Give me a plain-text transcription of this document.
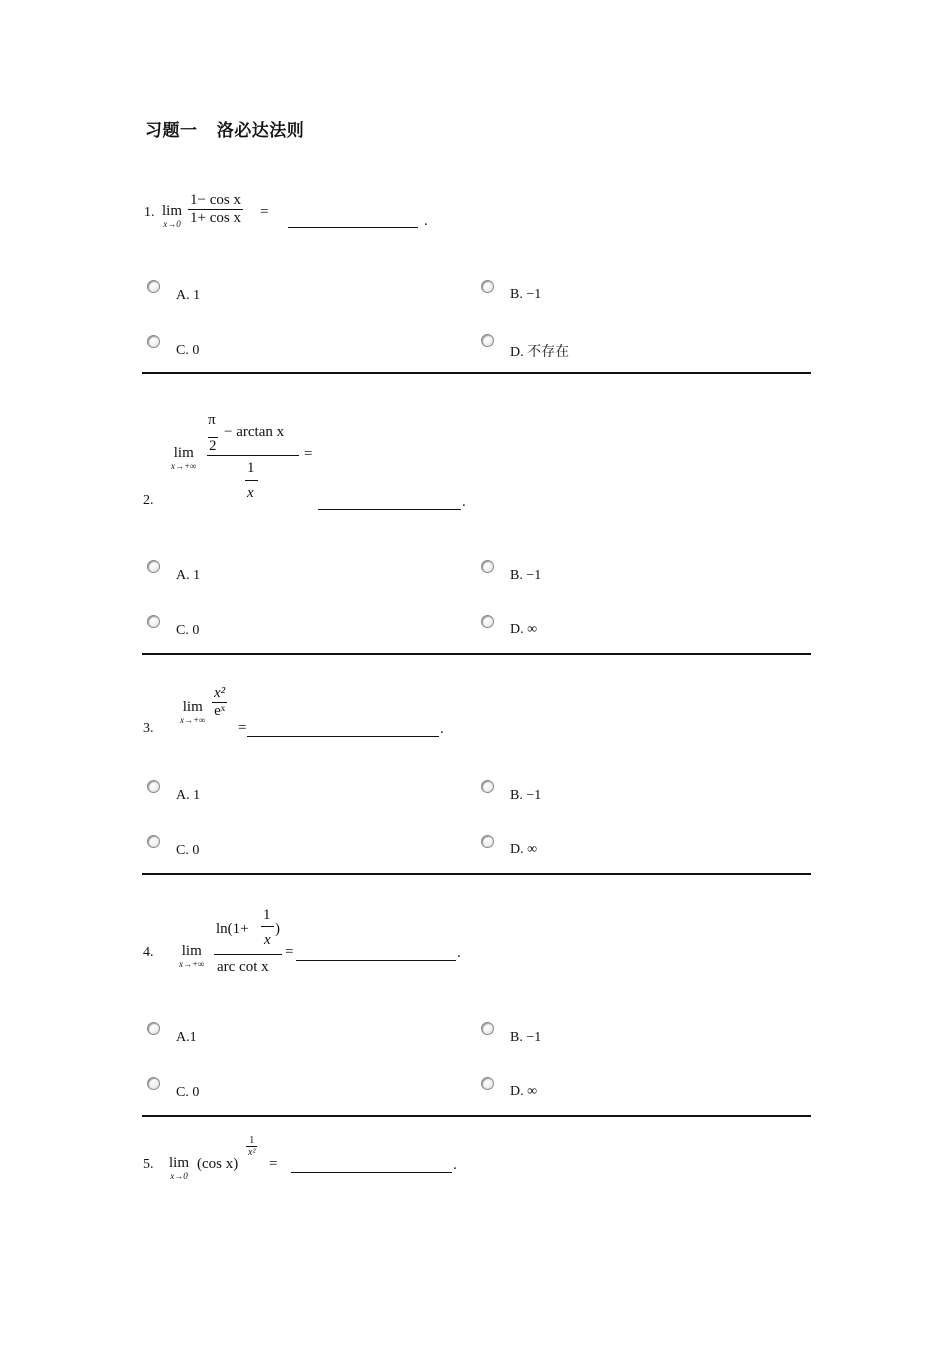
习题一   洛必达法则
1. lim
$x\to 0 \frac{\text{1− cos x}}{\text{1+ cos x}}$ =
.
A. 1	B. −1
C. 0	D. 不存在
lim
x→+∞
π
2
− arctan x
1
x
=
2.	.
A. 1	B. −1
C. 0	D. ∞
lim
$x\to+\infty \frac{\text{x²}}{\text{eˣ}}$
3.	=	.
A. 1	B. −1
C. 0	D. ∞
4. lim
x→+∞
ln(1+
1
x
)
arc cot x
=	.
A.1	B. −1
C. 0	D. ∞
5. lim
x→0
(cos x)
$\frac{1}{\text{x²}}$
=	.
